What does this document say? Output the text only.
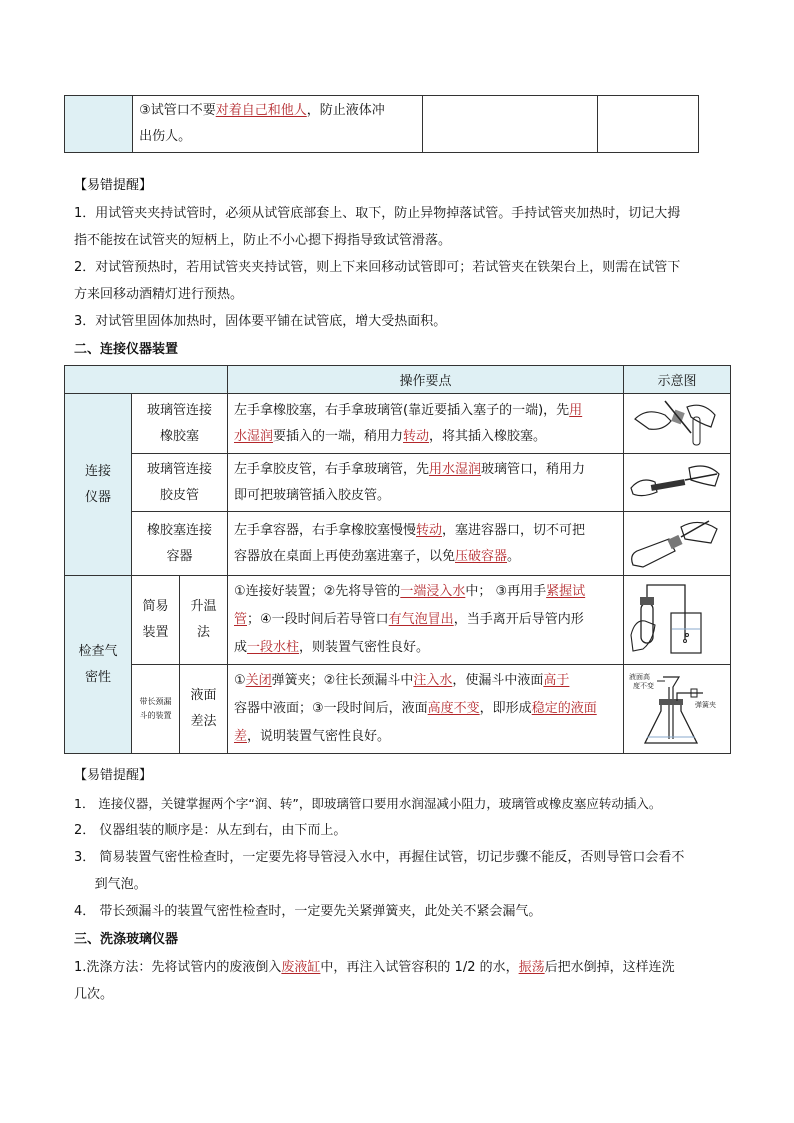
	③试管口不要对着自己和他人，防止液体冲
出伤人。		
【易错提醒】
1．用试管夹夹持试管时，必须从试管底部套上、取下，防止异物掉落试管。手持试管夹加热时，切记大拇
指不能按在试管夹的短柄上，防止不小心摁下拇指导致试管滑落。
2．对试管预热时，若用试管夹夹持试管，则上下来回移动试管即可；若试管夹在铁架台上，则需在试管下
方来回移动酒精灯进行预热。
3．对试管里固体加热时，固体要平铺在试管底，增大受热面积。
二、连接仪器装置
			操作要点	示意图
连接仪器	玻璃管连接橡胶塞		左手拿橡胶塞，右手拿玻璃管(靠近要插入塞子的一端)，先用
水湿润要插入的一端，稍用力转动，将其插入橡胶塞。	

	玻璃管连接胶皮管		左手拿胶皮管，右手拿玻璃管，先用水湿润玻璃管口，稍用力
即可把玻璃管插入胶皮管。	

	橡胶塞连接容器		左手拿容器，右手拿橡胶塞慢慢转动，塞进容器口，切不可把
容器放在桌面上再使劲塞进塞子，以免压破容器。	

检查气密性	简易装置	升温法	①连接好装置；②先将导管的一端浸入水中； ③再用手紧握试
管；④一段时间后若导管口有气泡冒出，当手离开后导管内形
成一段水柱，则装置气密性良好。	

	带长颈漏斗的装置	液面差法	①关闭弹簧夹；②往长颈漏斗中注入水，使漏斗中液面高于
容器中液面；③一段时间后，液面高度不变，即形成稳定的液面
差，说明装置气密性良好。	液面高
度不变
弹簧夹
【易错提醒】
1． 连接仪器，关键掌握两个字“润、转”，即玻璃管口要用水润湿减小阻力，玻璃管或橡皮塞应转动插入。
2． 仪器组装的顺序是：从左到右，由下而上。
3． 简易装置气密性检查时，一定要先将导管浸入水中，再握住试管，切记步骤不能反，否则导管口会看不
到气泡。
4． 带长颈漏斗的装置气密性检查时，一定要先关紧弹簧夹，此处关不紧会漏气。
三、洗涤玻璃仪器
1.洗涤方法：先将试管内的废液倒入废液缸中，再注入试管容积的 1/2 的水，振荡后把水倒掉，这样连洗
几次。
